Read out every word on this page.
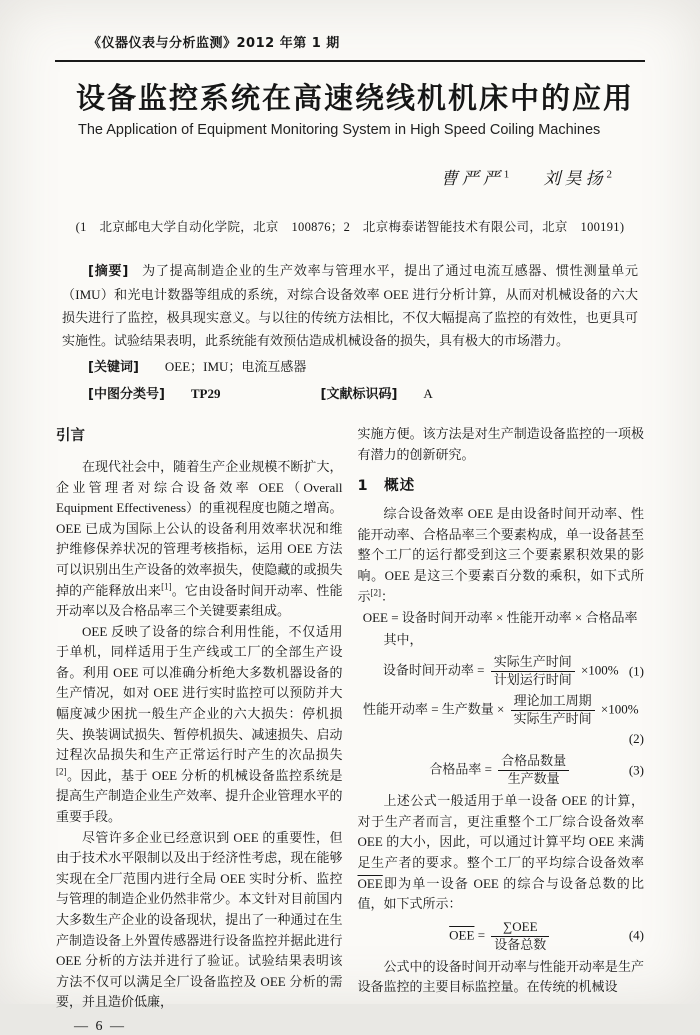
《仪器仪表与分析监测》2012 年第 1 期
设备监控系统在高速绕线机机床中的应用
The Application of Equipment Monitoring System in High Speed Coiling Machines
曹严严$^1$ 刘昊扬$^2$
(1　北京邮电大学自动化学院，北京　100876；2　北京梅泰诺智能技术有限公司，北京　100191)
[摘要] 为了提高制造企业的生产效率与管理水平，提出了通过电流互感器、惯性测量单元（IMU）和光电计数器等组成的系统，对综合设备效率 OEE 进行分析计算，从而对机械设备的六大损失进行了监控，极具现实意义。与以往的传统方法相比，不仅大幅提高了监控的有效性，也更具可实施性。试验结果表明，此系统能有效预估造成机械设备的损失，具有极大的市场潜力。
[关键词] OEE；IMU；电流互感器
[中图分类号] TP29	[文献标识码] A
引言

在现代社会中，随着生产企业规模不断扩大，企业管理者对综合设备效率 OEE（Overall Equipment Effectiveness）的重视程度也随之增高。OEE 已成为国际上公认的设备利用效率状况和维护维修保养状况的管理考核指标，运用 OEE 方法可以识别出生产设备的效率损失，使隐藏的或损失掉的产能释放出来[1]。它由设备时间开动率、性能开动率以及合格品率三个关键要素组成。

OEE 反映了设备的综合利用性能，不仅适用于单机，同样适用于生产线或工厂的全部生产设备。利用 OEE 可以准确分析绝大多数机器设备的生产情况，如对 OEE 进行实时监控可以预防并大幅度减少困扰一般生产企业的六大损失：停机损失、换装调试损失、暂停机损失、减速损失、启动过程次品损失和生产正常运行时产生的次品损失[2]。因此，基于 OEE 分析的机械设备监控系统是提高生产制造企业生产效率、提升企业管理水平的重要手段。

尽管许多企业已经意识到 OEE 的重要性，但由于技术水平限制以及出于经济性考虑，现在能够实现在全厂范围内进行全局 OEE 实时分析、监控与管理的制造企业仍然非常少。本文针对目前国内大多数生产企业的设备现状，提出了一种通过在生产制造设备上外置传感器进行设备监控并据此进行 OEE 分析的方法并进行了验证。试验结果表明该方法不仅可以满足全厂设备监控及 OEE 分析的需要，并且造价低廉，

实施方便。该方法是对生产制造设备监控的一项极有潜力的创新研究。

1　概述

综合设备效率 OEE 是由设备时间开动率、性能开动率、合格品率三个要素构成，单一设备甚至整个工厂的运行都受到这三个要素累积效果的影响。OEE 是这三个要素百分数的乘积，如下式所示[2]：

OEE = 设备时间开动率 × 性能开动率 × 合格品率

其中，

设备时间开动率 = $\frac{\text{实际生产时间}}{\text{计划运行时间}} \times 100\%$ (1)
性能开动率 = 生产数量 × $\frac{\text{理论加工周期}}{\text{实际生产时间}} \times 100\%$
(2)
合格品率 = $\frac{\text{合格品数量}}{\text{生产数量}}$	(3)

上述公式一般适用于单一设备 OEE 的计算，对于生产者而言，更注重整个工厂综合设备效率 OEE 的大小，因此，可以通过计算平均 OEE 来满足生产者的要求。整个工厂的平均综合设备效率$\overline{OEE}$即为单一设备 OEE 的综合与设备总数的比值，如下式所示：

$\overline{OEE} = \frac{\text{∑OEE}}{\text{设备总数}}$	(4)

公式中的设备时间开动率与性能开动率是生产设备监控的主要目标监控量。在传统的机械设

— 6 —
